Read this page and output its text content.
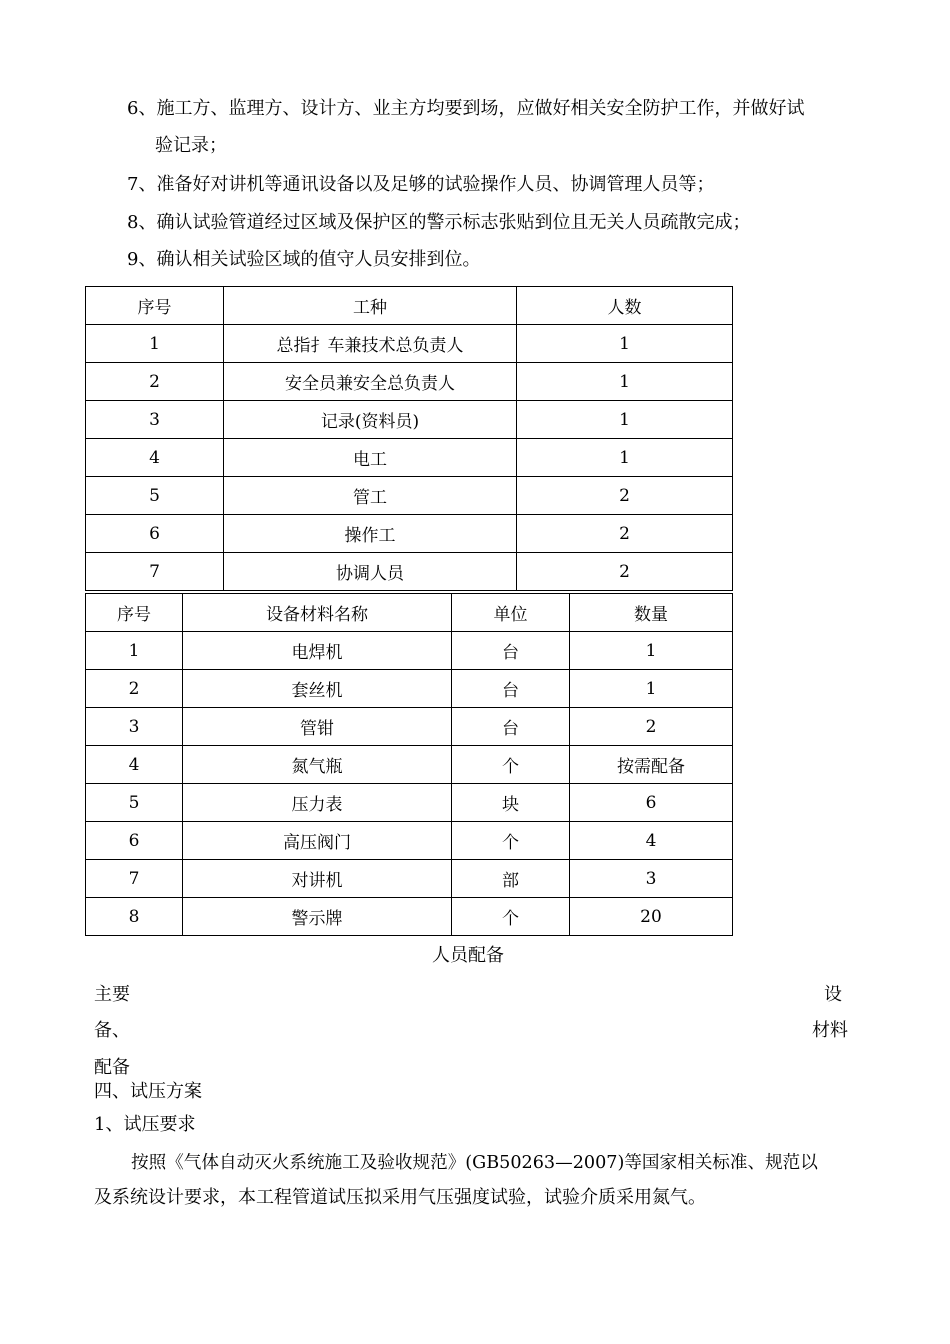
6、施工方、监理方、设计方、业主方均要到场，应做好相关安全防护工作，并做好试
验记录；
7、准备好对讲机等通讯设备以及足够的试验操作人员、协调管理人员等；
8、确认试验管道经过区域及保护区的警示标志张贴到位且无关人员疏散完成；
9、确认相关试验区域的值守人员安排到位。
序号	工种	人数
1	总指扌车兼技术总负责人	1
2	安全员兼安全总负责人	1
3	记录(资料员)	1
4	电工	1
5	管工	2
6	操作工	2
7	协调人员	2
序号	设备材料名称	单位	数量
1	电焊机	台	1
2	套丝机	台	1
3	管钳	台	2
4	氮气瓶	个	按需配备
5	压力表	块	6
6	高压阀门	个	4
7	对讲机	部	3
8	警示牌	个	20
人员配备
主要	设
备、	材料
配备
四、试压方案
1、试压要求
按照《气体自动灭火系统施工及验收规范》(GB50263—2007)等国家相关标准、规范以
及系统设计要求，本工程管道试压拟采用气压强度试验，试验介质采用氮气。
